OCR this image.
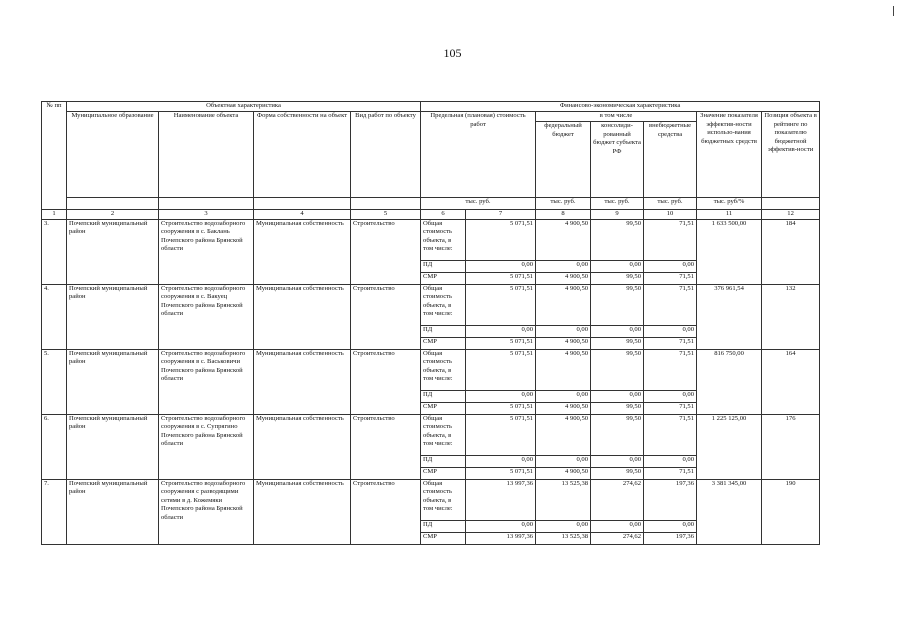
105
№ пп	Объектная характеристика				Финансово-экономическая характеристика						
	Муниципальное образование	Наименование объекта	Форма собственности на объект	Вид работ по объекту	Предельная (плановая) стоимость работ		в том числе			Значение показателя эффектив-ности использо-вания бюджетных средств	Позиция объекта в рейтинге по показателю бюджетной эффектив-ности
							федеральный бюджет	консолиди-рованный бюджет субъекта РФ	внебюджетные средства		
					тыс. руб.		тыс. руб.	тыс. руб.	тыс. руб.	тыс. руб/%	
1	2	3	4	5	6	7	8	9	10	11	12
3.	Почепский муниципальный район	Строительство водозаборного сооружения в с. Баклань Почепского района Брянской области	Муниципальная собственность	Строительство	Общая стоимость объекта, в том числе:	5 071,51	4 900,50	99,50	71,51	1 633 500,00	184
					ПД	0,00	0,00	0,00	0,00		
					СМР	5 071,51	4 900,50	99,50	71,51		
4.	Почепский муниципальный район	Строительство водозаборного сооружения в с. Вакуец Почепского района Брянской области	Муниципальная собственность	Строительство	Общая стоимость объекта, в том числе:	5 071,51	4 900,50	99,50	71,51	376 961,54	132
					ПД	0,00	0,00	0,00	0,00		
					СМР	5 071,51	4 900,50	99,50	71,51		
5.	Почепский муниципальный район	Строительство водозаборного сооружения в с. Васьковичи Почепского района Брянской области	Муниципальная собственность	Строительство	Общая стоимость объекта, в том числе:	5 071,51	4 900,50	99,50	71,51	816 750,00	164
					ПД	0,00	0,00	0,00	0,00		
					СМР	5 071,51	4 900,50	99,50	71,51		
6.	Почепский муниципальный район	Строительство водозаборного сооружения в с. Супрягино Почепского района Брянской области	Муниципальная собственность	Строительство	Общая стоимость объекта, в том числе:	5 071,51	4 900,50	99,50	71,51	1 225 125,00	176
					ПД	0,00	0,00	0,00	0,00		
					СМР	5 071,51	4 900,50	99,50	71,51		
7.	Почепский муниципальный район	Строительство водозаборного сооружения с разводящими сетями в д. Кожемяки Почепского района Брянской области	Муниципальная собственность	Строительство	Общая стоимость объекта, в том числе:	13 997,36	13 525,38	274,62	197,36	3 381 345,00	190
					ПД	0,00	0,00	0,00	0,00		
					СМР	13 997,36	13 525,38	274,62	197,36		
